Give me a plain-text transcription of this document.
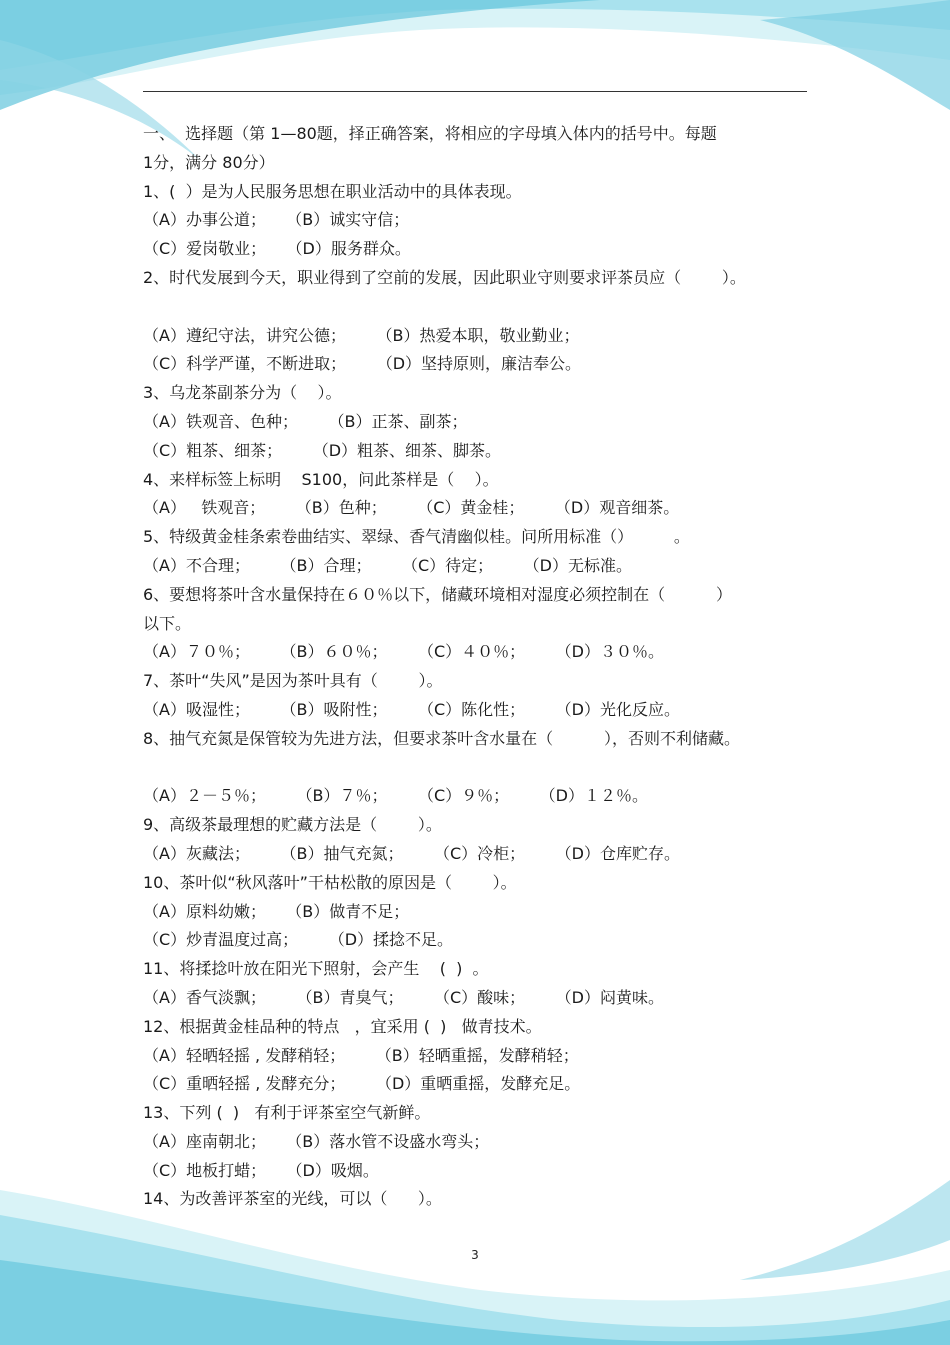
一、  选择题（第 1—80题，择正确答案，将相应的字母填入体内的括号中。每题
1分，满分 80分）
1、(  ）是为人民服务思想在职业活动中的具体表现。
（A）办事公道；    （B）诚实守信；
（C）爱岗敬业；    （D）服务群众。
2、时代发展到今天，职业得到了空前的发展，因此职业守则要求评茶员应（        ）。
（A）遵纪守法，讲究公德；      （B）热爱本职，敬业勤业；
（C）科学严谨，不断进取；      （D）坚持原则，廉洁奉公。
3、乌龙茶副茶分为（    ）。
（A）铁观音、色种；      （B）正茶、副茶；
（C）粗茶、细茶；      （D）粗茶、细茶、脚茶。
4、来样标签上标明    S100，问此茶样是（    ）。
（A）   铁观音；      （B）色种；      （C）黄金桂；      （D）观音细茶。
5、特级黄金桂条索卷曲结实、翠绿、香气清幽似桂。问所用标准（）        。
（A）不合理；      （B）合理；      （C）待定；      （D）无标准。
6、要想将茶叶含水量保持在６０％以下，储藏环境相对湿度必须控制在（          ）
以下。
（A）７０％；      （B）６０％；      （C）４０％；      （D）３０％。
7、茶叶“失风”是因为茶叶具有（        ）。
（A）吸湿性；      （B）吸附性；      （C）陈化性；      （D）光化反应。
8、抽气充氮是保管较为先进方法，但要求茶叶含水量在（          ），否则不利储藏。
（A）２－５％；      （B）７％；      （C）９％；      （D）１２％。
9、高级茶最理想的贮藏方法是（        ）。
（A）灰藏法；      （B）抽气充氮；      （C）冷柜；      （D）仓库贮存。
10、茶叶似“秋风落叶”干枯松散的原因是（        ）。
（A）原料幼嫩；    （B）做青不足；
（C）炒青温度过高；      （D）揉捻不足。
11、将揉捻叶放在阳光下照射，会产生    (  )  。
（A）香气淡飘；      （B）青臭气；      （C）酸味；      （D）闷黄味。
12、根据黄金桂品种的特点   ，宜采用 (  )   做青技术。
（A）轻晒轻摇 , 发酵稍轻；      （B）轻晒重摇，发酵稍轻；
（C）重晒轻摇 , 发酵充分；      （D）重晒重摇，发酵充足。
13、下列 (  )   有利于评茶室空气新鲜。
（A）座南朝北；    （B）落水管不设盛水弯头；
（C）地板打蜡；    （D）吸烟。
14、为改善评茶室的光线，可以（      ）。
3
